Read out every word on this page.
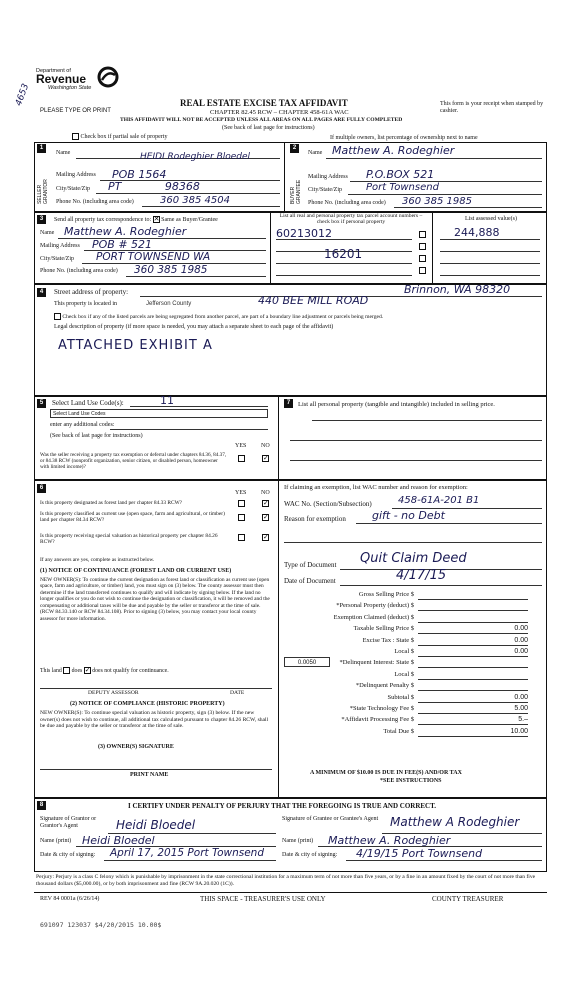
Department of
Revenue
Washington State
4653
PLEASE TYPE OR PRINT
REAL ESTATE EXCISE TAX AFFIDAVIT
CHAPTER 82.45 RCW – CHAPTER 458-61A WAC
THIS AFFIDAVIT WILL NOT BE ACCEPTED UNLESS ALL AREAS ON ALL PAGES ARE FULLY COMPLETED
(See back of last page for instructions)
This form is your receipt when stamped by cashier.
Check box if partial sale of property	If multiple owners, list percentage of ownership next to name
1	2
SELLER GRANTOR	BUYER GRANTEE
Name	HEIDI Rodeghier Bloedel
Mailing Address POB 1564
City/State/Zip PT 98368
Phone No. (including area code)	360 385 4504
Name Matthew A. Rodeghier
Mailing Address P.O.BOX 521
City/State/Zip Port Townsend
Phone No. (including area code) 360 385 1985
3	Send all property tax correspondence to: ✕ Same as Buyer/Grantee
Name Matthew A. Rodeghier
Mailing Address POB # 521
City/State/Zip PORT TOWNSEND WA
Phone No. (including area code) 360 385 1985
List all real and personal property tax parcel account numbers – check box if personal property
List assessed value(s)
60213012
16201
244,888
4	Street address of property:	Brinnon, WA 98320
440 BEE MILL ROAD
This property is located in	Jefferson County
Check box if any of the listed parcels are being segregated from another parcel, are part of a boundary line adjustment or parcels being merged.
Legal description of property (if more space is needed, you may attach a separate sheet to each page of the affidavit)
ATTACHED EXHIBIT A
5	Select Land Use Code(s):	11
Select Land Use Codes
enter any additional codes:
(See back of last page for instructions)
YES NO
Was the seller receiving a property tax exemption or deferral under chapters 84.36, 84.37, or 84.38 RCW (nonprofit organization, senior citizen, or disabled person, homeowner with limited income)?
✓
7	List all personal property (tangible and intangible) included in selling price.
6
YES NO
Is this property designated as forest land per chapter 84.33 RCW?	✓
Is this property classified as current use (open space, farm and agricultural, or timber) land per chapter 84.34 RCW?	✓
Is this property receiving special valuation as historical property per chapter 84.26 RCW?
✓
If any answers are yes, complete as instructed below.
(1) NOTICE OF CONTINUANCE (FOREST LAND OR CURRENT USE)
NEW OWNER(S): To continue the current designation as forest land or classification as current use (open space, farm and agriculture, or timber) land, you must sign on (3) below. The county assessor must then determine if the land transferred continues to qualify and will indicate by signing below. If the land no longer qualifies or you do not wish to continue the designation or classification, it will be removed and the compensating or additional taxes will be due and payable by the seller or transferor at the time of sale. (RCW 84.33.140 or RCW 84.34.108). Prior to signing (3) below, you may contact your local county assessor for more information.
This land does ✓ does not qualify for continuance.
DEPUTY ASSESSOR	DATE
(2) NOTICE OF COMPLIANCE (HISTORIC PROPERTY)
NEW OWNER(S): To continue special valuation as historic property, sign (3) below. If the new owner(s) does not wish to continue, all additional tax calculated pursuant to chapter 84.26 RCW, shall be due and payable by the seller or transferor at the time of sale.
(3) OWNER(S) SIGNATURE
PRINT NAME
If claiming an exemption, list WAC number and reason for exemption:
WAC No. (Section/Subsection)	458-61A-201 B1
Reason for exemption gift - no Debt
Type of Document Quit Claim Deed
Date of Document	4/17/15
Gross Selling Price $
*Personal Property (deduct) $
Exemption Claimed (deduct) $
Taxable Selling Price $	0.00
Excise Tax : State $	0.00
Local $	0.00
*Delinquent Interest: State $
Local $
*Delinquent Penalty $
Subtotal $	0.00
*State Technology Fee $	5.00
*Affidavit Processing Fee $	5.–
Total Due $	10.00
0.0050
A MINIMUM OF $10.00 IS DUE IN FEE(S) AND/OR TAX
*SEE INSTRUCTIONS
8	I CERTIFY UNDER PENALTY OF PERJURY THAT THE FOREGOING IS TRUE AND CORRECT.
Signature of Grantor or Grantor's Agent	Heidi Bloedel
Name (print) Heidi Bloedel
Date & city of signing: April 17, 2015 Port Townsend
Signature of Grantee or Grantee's Agent Matthew A Rodeghier
Name (print) Matthew A. Rodeghier
Date & city of signing: 4/19/15 Port Townsend
Perjury: Perjury is a class C felony which is punishable by imprisonment in the state correctional institution for a maximum term of not more than five years, or by a fine in an amount fixed by the court of not more than five thousand dollars ($5,000.00), or by both imprisonment and fine (RCW 9A.20.020 (1C)).
REV 84 0001a (6/26/14)	THIS SPACE - TREASURER'S USE ONLY	COUNTY TREASURER
691097 123037 $4/20/2015 10.00$
